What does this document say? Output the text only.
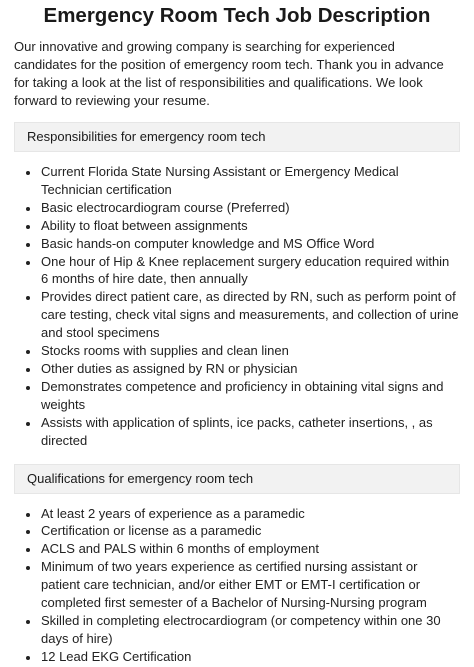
Emergency Room Tech Job Description

Our innovative and growing company is searching for experienced candidates for the position of emergency room tech. Thank you in advance for taking a look at the list of responsibilities and qualifications. We look forward to reviewing your resume.

Responsibilities for emergency room tech
• Current Florida State Nursing Assistant or Emergency Medical Technician certification
• Basic electrocardiogram course (Preferred)
• Ability to float between assignments
• Basic hands-on computer knowledge and MS Office Word
• One hour of Hip & Knee replacement surgery education required within 6 months of hire date, then annually
• Provides direct patient care, as directed by RN, such as perform point of care testing, check vital signs and measurements, and collection of urine and stool specimens
• Stocks rooms with supplies and clean linen
• Other duties as assigned by RN or physician
• Demonstrates competence and proficiency in obtaining vital signs and weights
• Assists with application of splints, ice packs, catheter insertions, , as directed
Qualifications for emergency room tech
• At least 2 years of experience as a paramedic
• Certification or license as a paramedic
• ACLS and PALS within 6 months of employment
• Minimum of two years experience as certified nursing assistant or patient care technician, and/or either EMT or EMT-I certification or completed first semester of a Bachelor of Nursing-Nursing program
• Skilled in completing electrocardiogram (or competency within one 30 days of hire)
• 12 Lead EKG Certification
